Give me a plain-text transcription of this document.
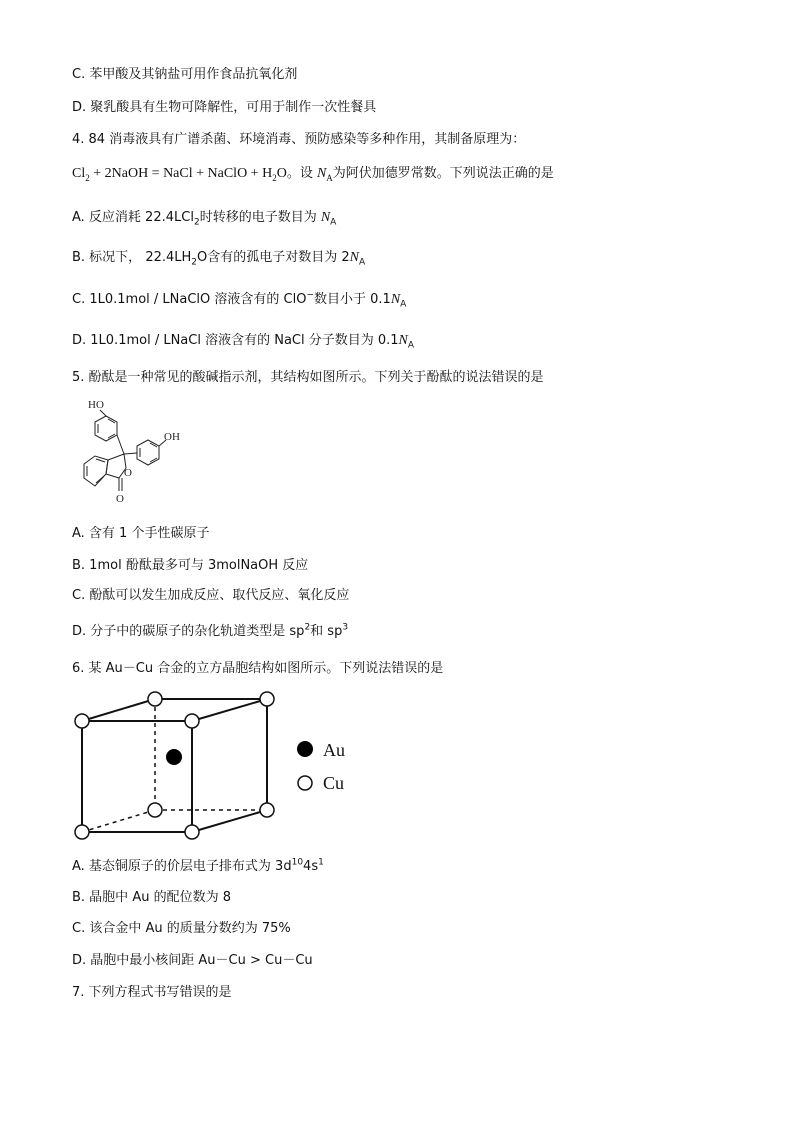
C. 苯甲酸及其钠盐可用作食品抗氧化剂
D. 聚乳酸具有生物可降解性，可用于制作一次性餐具
4. 84 消毒液具有广谱杀菌、环境消毒、预防感染等多种作用，其制备原理为：
$Cl_2$ + 2NaOH = NaCl + NaClO + $H_2O$。设 $N_A$为阿伏加德罗常数。下列说法正确的是
A. 反应消耗 22.4LCl$_2$时转移的电子数目为 $N_A$
B. 标况下， $22.4LH_2O$含有的孤电子对数目为 $2N_A$
C. 1L0.1mol / LNaClO 溶液含有的 ClO−数目小于 $0.1N_A$
D. 1L0.1mol / LNaCl 溶液含有的 NaCl 分子数目为 $0.1N_A$
5. 酚酞是一种常见的酸碱指示剂，其结构如图所示。下列关于酚酞的说法错误的是
HO
OH
O
O
A. 含有 1 个手性碳原子
B. 1mol 酚酞最多可与 3molNaOH 反应
C. 酚酞可以发生加成反应、取代反应、氧化反应
D. 分子中的碳原子的杂化轨道类型是 $sp^2$和 $sp^3$
6. 某 Au－Cu 合金的立方晶胞结构如图所示。下列说法错误的是
Au
Cu
A. 基态铜原子的价层电子排布式为 $3d^{10}4s^1$
B. 晶胞中 Au 的配位数为 8
C. 该合金中 Au 的质量分数约为 75%
D. 晶胞中最小核间距 Au－Cu > Cu－Cu
7. 下列方程式书写错误的是
